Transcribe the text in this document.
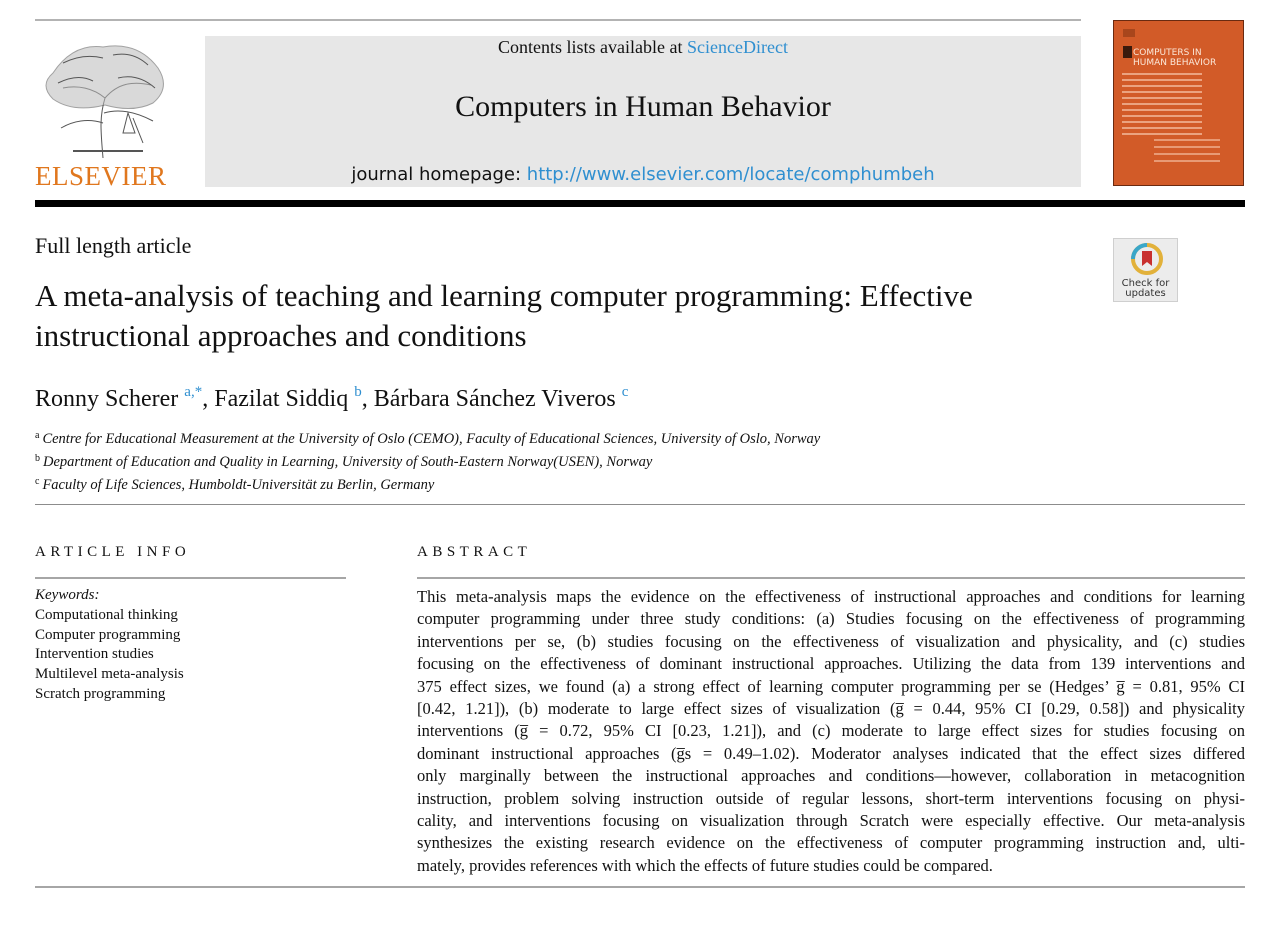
ELSEVIER
Contents lists available at ScienceDirect
Computers in Human Behavior
journal homepage: http://www.elsevier.com/locate/comphumbeh
COMPUTERS IN HUMAN BEHAVIOR
Full length article
Check for updates
A meta-analysis of teaching and learning computer programming: Effective instructional approaches and conditions
Ronny Scherer $^{a,*}$, Fazilat Siddiq $^b$, Bárbara Sánchez Viveros $^c$
$^a$ Centre for Educational Measurement at the University of Oslo (CEMO), Faculty of Educational Sciences, University of Oslo, Norway
$^b$ Department of Education and Quality in Learning, University of South-Eastern Norway(USEN), Norway
$^c$ Faculty of Life Sciences, Humboldt-Universität zu Berlin, Germany
ARTICLE INFO
Keywords:
Computational thinking
Computer programming
Intervention studies
Multilevel meta-analysis
Scratch programming
ABSTRACT
This meta-analysis maps the evidence on the effectiveness of instructional approaches and conditions for learning
computer programming under three study conditions: (a) Studies focusing on the effectiveness of programming
interventions per se, (b) studies focusing on the effectiveness of visualization and physicality, and (c) studies
focusing on the effectiveness of dominant instructional approaches. Utilizing the data from 139 interventions and
375 effect sizes, we found (a) a strong effect of learning computer programming per se (Hedges’ g̅ = 0.81, 95% CI
[0.42, 1.21]), (b) moderate to large effect sizes of visualization (g̅ = 0.44, 95% CI [0.29, 0.58]) and physicality
interventions (g̅ = 0.72, 95% CI [0.23, 1.21]), and (c) moderate to large effect sizes for studies focusing on
dominant instructional approaches (g̅s = 0.49–1.02). Moderator analyses indicated that the effect sizes differed
only marginally between the instructional approaches and conditions—however, collaboration in metacognition
instruction, problem solving instruction outside of regular lessons, short-term interventions focusing on physi-
cality, and interventions focusing on visualization through Scratch were especially effective. Our meta-analysis
synthesizes the existing research evidence on the effectiveness of computer programming instruction and, ulti-
mately, provides references with which the effects of future studies could be compared.
